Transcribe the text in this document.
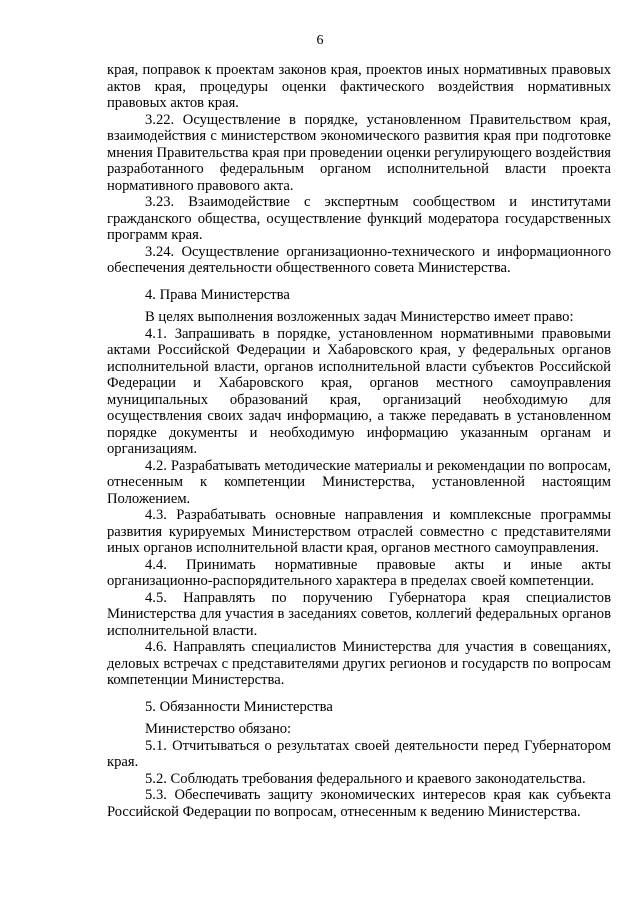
6

края, поправок к проектам законов края, проектов иных нормативных правовых актов края, процедуры оценки фактического воздействия нормативных правовых актов края.

3.22. Осуществление в порядке, установленном Правительством края, взаимодействия с министерством экономического развития края при подготовке мнения Правительства края при проведении оценки регулирующего воздействия разработанного федеральным органом исполнительной власти проекта нормативного правового акта.

3.23. Взаимодействие с экспертным сообществом и институтами гражданского общества, осуществление функций модератора государственных программ края.

3.24. Осуществление организационно-технического и информационного обеспечения деятельности общественного совета Министерства.

4. Права Министерства

В целях выполнения возложенных задач Министерство имеет право:

4.1. Запрашивать в порядке, установленном нормативными правовыми актами Российской Федерации и Хабаровского края, у федеральных органов исполнительной власти, органов исполнительной власти субъектов Российской Федерации и Хабаровского края, органов местного самоуправления муниципальных образований края, организаций необходимую для осуществления своих задач информацию, а также передавать в установленном порядке документы и необходимую информацию указанным органам и организациям.

4.2. Разрабатывать методические материалы и рекомендации по вопросам, отнесенным к компетенции Министерства, установленной настоящим Положением.

4.3. Разрабатывать основные направления и комплексные программы развития курируемых Министерством отраслей совместно с представителями иных органов исполнительной власти края, органов местного самоуправления.

4.4. Принимать нормативные правовые акты и иные акты организационно-распорядительного характера в пределах своей компетенции.

4.5. Направлять по поручению Губернатора края специалистов Министерства для участия в заседаниях советов, коллегий федеральных органов исполнительной власти.

4.6. Направлять специалистов Министерства для участия в совещаниях, деловых встречах с представителями других регионов и государств по вопросам компетенции Министерства.

5. Обязанности Министерства

Министерство обязано:

5.1. Отчитываться о результатах своей деятельности перед Губернатором края.

5.2. Соблюдать требования федерального и краевого законодательства.

5.3. Обеспечивать защиту экономических интересов края как субъекта Российской Федерации по вопросам, отнесенным к ведению Министерства.
